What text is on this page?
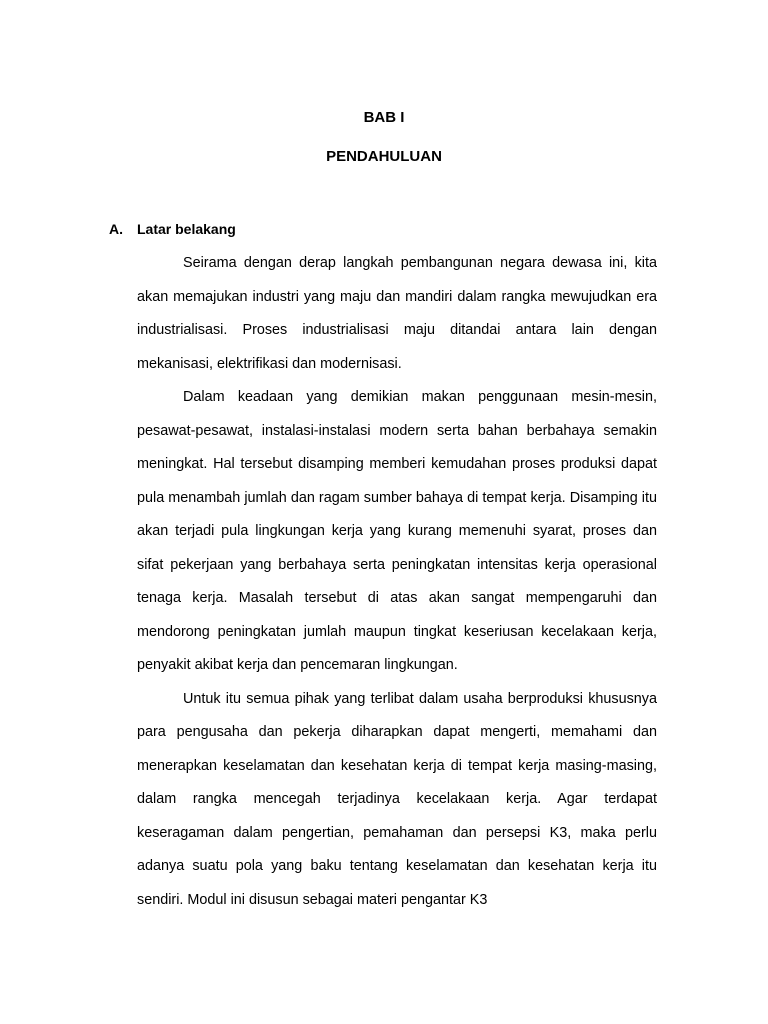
BAB I
PENDAHULUAN
A. Latar belakang

Seirama dengan derap langkah pembangunan negara dewasa ini, kita akan memajukan industri yang maju dan mandiri dalam rangka mewujudkan era industrialisasi. Proses industrialisasi maju ditandai antara lain dengan mekanisasi, elektrifikasi dan modernisasi.

Dalam keadaan yang demikian makan penggunaan mesin-mesin, pesawat-pesawat, instalasi-instalasi modern serta bahan berbahaya semakin meningkat. Hal tersebut disamping memberi kemudahan proses produksi dapat pula menambah jumlah dan ragam sumber bahaya di tempat kerja. Disamping itu akan terjadi pula lingkungan kerja yang kurang memenuhi syarat, proses dan sifat pekerjaan yang berbahaya serta peningkatan intensitas kerja operasional tenaga kerja. Masalah tersebut di atas akan sangat mempengaruhi dan mendorong peningkatan jumlah maupun tingkat keseriusan kecelakaan kerja, penyakit akibat kerja dan pencemaran lingkungan.

Untuk itu semua pihak yang terlibat dalam usaha berproduksi khususnya para pengusaha dan pekerja diharapkan dapat mengerti, memahami dan menerapkan keselamatan dan kesehatan kerja di tempat kerja masing-masing, dalam rangka mencegah terjadinya kecelakaan kerja. Agar terdapat keseragaman dalam pengertian, pemahaman dan persepsi K3, maka perlu adanya suatu pola yang baku tentang keselamatan dan kesehatan kerja itu sendiri. Modul ini disusun sebagai materi pengantar K3
